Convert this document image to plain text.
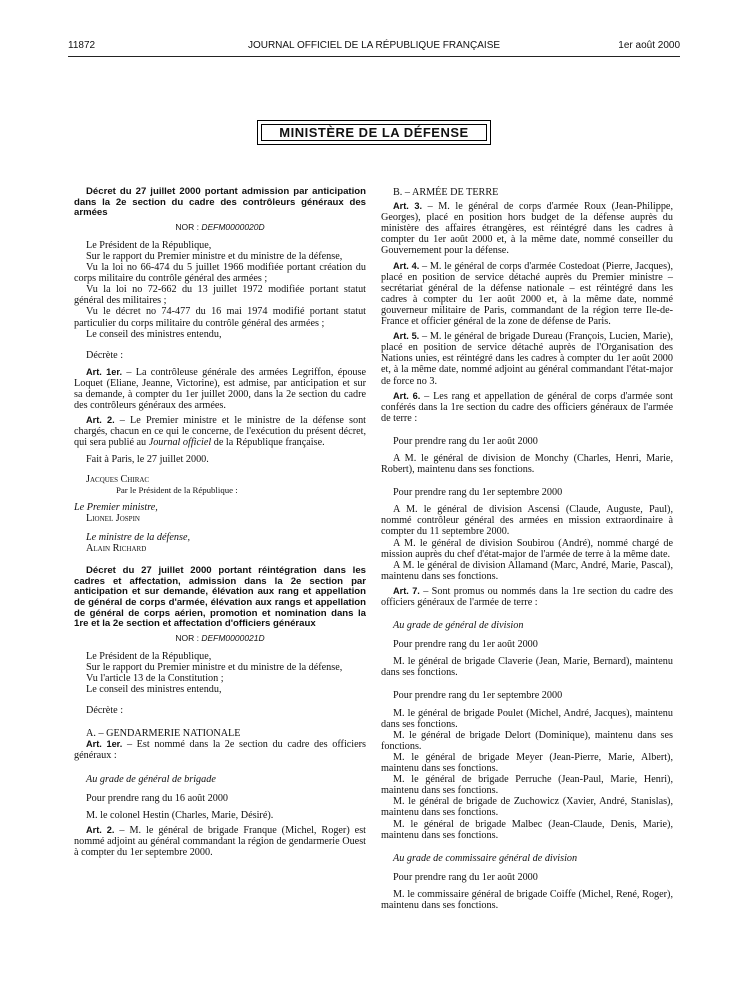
11872	JOURNAL OFFICIEL DE LA RÉPUBLIQUE FRANÇAISE	1er août 2000
MINISTÈRE DE LA DÉFENSE

Décret du 27 juillet 2000 portant admission par anticipation dans la 2e section du cadre des contrôleurs généraux des armées

NOR : DEFM0000020D

Le Président de la République,

Sur le rapport du Premier ministre et du ministre de la défense,

Vu la loi no 66-474 du 5 juillet 1966 modifiée portant création du corps militaire du contrôle général des armées ;

Vu la loi no 72-662 du 13 juillet 1972 modifiée portant statut général des militaires ;

Vu le décret no 74-477 du 16 mai 1974 modifié portant statut particulier du corps militaire du contrôle général des armées ;

Le conseil des ministres entendu,

Décrète :

Art. 1er. – La contrôleuse générale des armées Legriffon, épouse Loquet (Eliane, Jeanne, Victorine), est admise, par anticipation et sur sa demande, à compter du 1er juillet 2000, dans la 2e section du cadre des contrôleurs généraux des armées.

Art. 2. – Le Premier ministre et le ministre de la défense sont chargés, chacun en ce qui le concerne, de l'exécution du présent décret, qui sera publié au Journal officiel de la République française.

Fait à Paris, le 27 juillet 2000.

Jacques Chirac

Par le Président de la République :

Le Premier ministre,

Lionel Jospin

Le ministre de la défense,

Alain Richard

Décret du 27 juillet 2000 portant réintégration dans les cadres et affectation, admission dans la 2e section par anticipation et sur demande, élévation aux rang et appellation de général de corps d'armée, élévation aux rangs et appellation de général de corps aérien, promotion et nomination dans la 1re et la 2e section et affectation d'officiers généraux

NOR : DEFM0000021D

Le Président de la République,

Sur le rapport du Premier ministre et du ministre de la défense,

Vu l'article 13 de la Constitution ;

Le conseil des ministres entendu,

Décrète :

A. – GENDARMERIE NATIONALE

Art. 1er. – Est nommé dans la 2e section du cadre des officiers généraux :

Au grade de général de brigade

Pour prendre rang du 16 août 2000

M. le colonel Hestin (Charles, Marie, Désiré).

Art. 2. – M. le général de brigade Franque (Michel, Roger) est nommé adjoint au général commandant la région de gendarmerie Ouest à compter du 1er septembre 2000.

B. – ARMÉE DE TERRE

Art. 3. – M. le général de corps d'armée Roux (Jean-Philippe, Georges), placé en position hors budget de la défense auprès du ministère des affaires étrangères, est réintégré dans les cadres à compter du 1er août 2000 et, à la même date, nommé conseiller du Gouvernement pour la défense.

Art. 4. – M. le général de corps d'armée Costedoat (Pierre, Jacques), placé en position de service détaché auprès du Premier ministre – secrétariat général de la défense nationale – est réintégré dans les cadres à compter du 1er août 2000 et, à la même date, nommé gouverneur militaire de Paris, commandant de la région terre Ile-de-France et officier général de la zone de défense de Paris.

Art. 5. – M. le général de brigade Dureau (François, Lucien, Marie), placé en position de service détaché auprès de l'Organisation des Nations unies, est réintégré dans les cadres à compter du 1er août 2000 et, à la même date, nommé adjoint au général commandant l'état-major de force no 3.

Art. 6. – Les rang et appellation de général de corps d'armée sont conférés dans la 1re section du cadre des officiers généraux de l'armée de terre :

Pour prendre rang du 1er août 2000

A M. le général de division de Monchy (Charles, Henri, Marie, Robert), maintenu dans ses fonctions.

Pour prendre rang du 1er septembre 2000

A M. le général de division Ascensi (Claude, Auguste, Paul), nommé contrôleur général des armées en mission extraordinaire à compter du 11 septembre 2000.

A M. le général de division Soubirou (André), nommé chargé de mission auprès du chef d'état-major de l'armée de terre à la même date.

A M. le général de division Allamand (Marc, André, Marie, Pascal), maintenu dans ses fonctions.

Art. 7. – Sont promus ou nommés dans la 1re section du cadre des officiers généraux de l'armée de terre :

Au grade de général de division

Pour prendre rang du 1er août 2000

M. le général de brigade Claverie (Jean, Marie, Bernard), maintenu dans ses fonctions.

Pour prendre rang du 1er septembre 2000

M. le général de brigade Poulet (Michel, André, Jacques), maintenu dans ses fonctions.

M. le général de brigade Delort (Dominique), maintenu dans ses fonctions.

M. le général de brigade Meyer (Jean-Pierre, Marie, Albert), maintenu dans ses fonctions.

M. le général de brigade Perruche (Jean-Paul, Marie, Henri), maintenu dans ses fonctions.

M. le général de brigade de Zuchowicz (Xavier, André, Stanislas), maintenu dans ses fonctions.

M. le général de brigade Malbec (Jean-Claude, Denis, Marie), maintenu dans ses fonctions.

Au grade de commissaire général de division

Pour prendre rang du 1er août 2000

M. le commissaire général de brigade Coiffe (Michel, René, Roger), maintenu dans ses fonctions.
